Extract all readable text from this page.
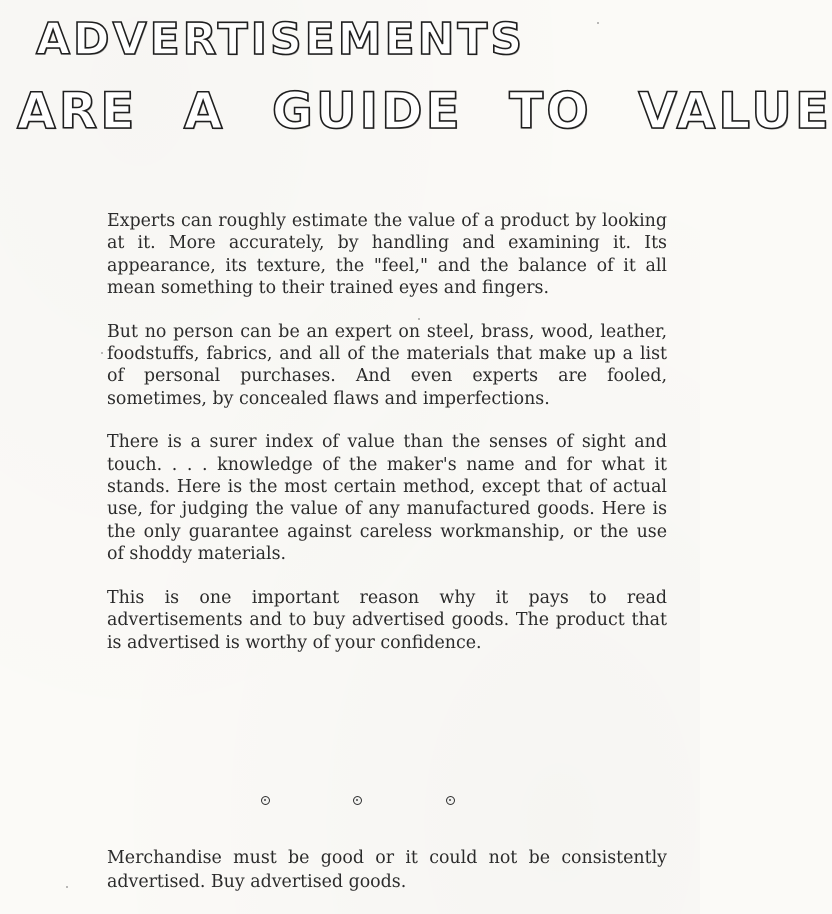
ADVERTISEMENTS
ARE A GUIDE TO VALUE

Experts can roughly estimate the value of a product by looking at it. More accurately, by handling and examining it. Its appearance, its texture, the "feel," and the balance of it all mean something to their trained eyes and fingers.

But no person can be an expert on steel, brass, wood, leather, foodstuffs, fabrics, and all of the materials that make up a list of personal purchases. And even experts are fooled, sometimes, by concealed flaws and imperfections.

There is a surer index of value than the senses of sight and touch. . . . knowledge of the maker's name and for what it stands. Here is the most certain method, except that of actual use, for judging the value of any manufactured goods. Here is the only guarantee against careless workmanship, or the use of shoddy materials.

This is one important reason why it pays to read advertisements and to buy advertised goods. The product that is advertised is worthy of your confidence.

Merchandise must be good or it could not be consistently advertised. Buy advertised goods.
